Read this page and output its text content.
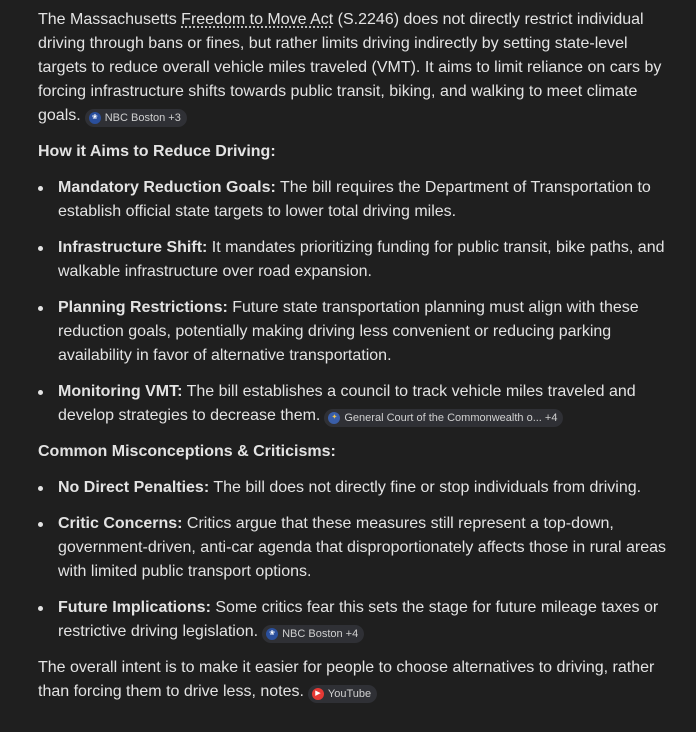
The Massachusetts Freedom to Move Act (S.2246) does not directly restrict individual driving through bans or fines, but rather limits driving indirectly by setting state-level targets to reduce overall vehicle miles traveled (VMT). It aims to limit reliance on cars by forcing infrastructure shifts towards public transit, biking, and walking to meet climate goals.	❀ NBC Boston +3

How it Aims to Reduce Driving:
Mandatory Reduction Goals: The bill requires the Department of Transportation to establish official state targets to lower total driving miles.
Infrastructure Shift: It mandates prioritizing funding for public transit, bike paths, and walkable infrastructure over road expansion.
Planning Restrictions: Future state transportation planning must align with these reduction goals, potentially making driving less convenient or reducing parking availability in favor of alternative transportation.
Monitoring VMT: The bill establishes a council to track vehicle miles traveled and develop strategies to decrease them.	✦ General Court of the Commonwealth o... +4
Common Misconceptions & Criticisms:
No Direct Penalties: The bill does not directly fine or stop individuals from driving.
Critic Concerns: Critics argue that these measures still represent a top-down, government-driven, anti-car agenda that disproportionately affects those in rural areas with limited public transport options.
Future Implications: Some critics fear this sets the stage for future mileage taxes or restrictive driving legislation.	❀ NBC Boston +4

The overall intent is to make it easier for people to choose alternatives to driving, rather than forcing them to drive less, notes.	▶ YouTube
